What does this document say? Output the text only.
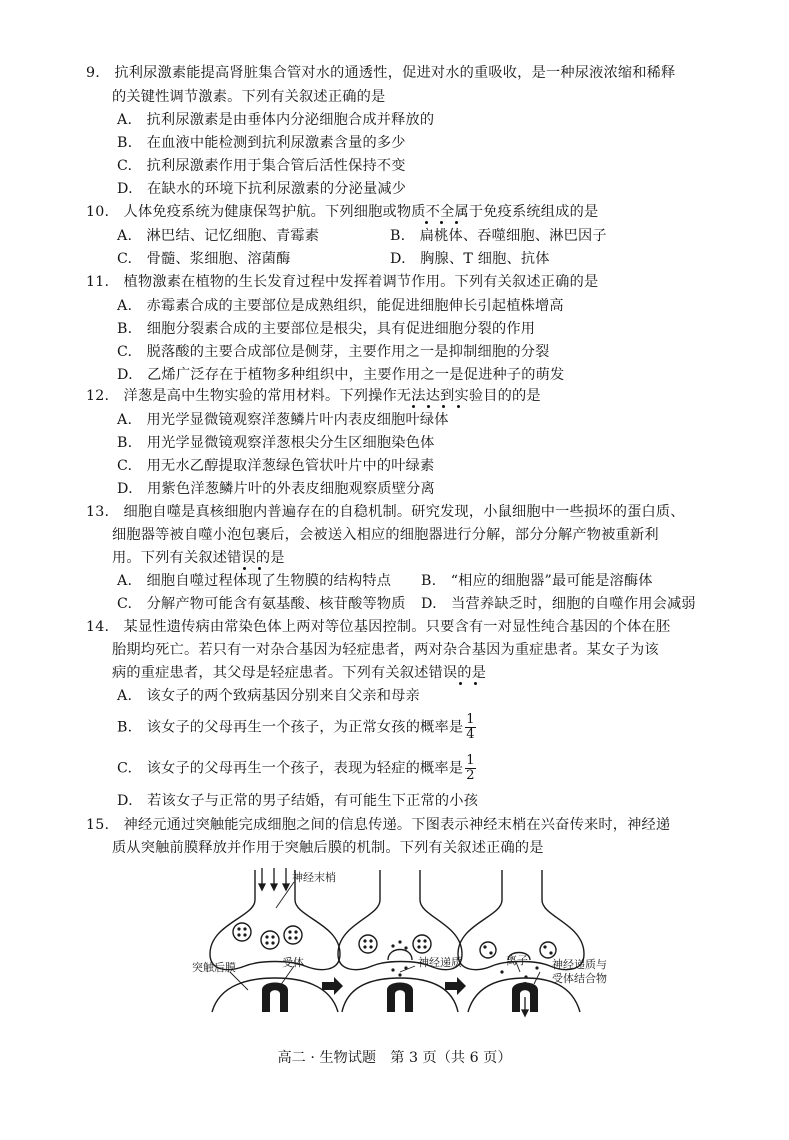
9.　抗利尿激素能提高肾脏集合管对水的通透性，促进对水的重吸收，是一种尿液浓缩和稀释
的关键性调节激素。下列有关叙述正确的是
A.　抗利尿激素是由垂体内分泌细胞合成并释放的
B.　在血液中能检测到抗利尿激素含量的多少
C.　抗利尿激素作用于集合管后活性保持不变
D.　在缺水的环境下抗利尿激素的分泌量减少
10.　人体免疫系统为健康保驾护航。下列细胞或物质不全属于免疫系统组成的是
A.　淋巴结、记忆细胞、青霉素	B.　扁桃体、吞噬细胞、淋巴因子
C.　骨髓、浆细胞、溶菌酶	D.　胸腺、T 细胞、抗体
11.　植物激素在植物的生长发育过程中发挥着调节作用。下列有关叙述正确的是
A.　赤霉素合成的主要部位是成熟组织，能促进细胞伸长引起植株增高
B.　细胞分裂素合成的主要部位是根尖，具有促进细胞分裂的作用
C.　脱落酸的主要合成部位是侧芽，主要作用之一是抑制细胞的分裂
D.　乙烯广泛存在于植物多种组织中，主要作用之一是促进种子的萌发
12.　洋葱是高中生物实验的常用材料。下列操作无法达到实验目的的是
A.　用光学显微镜观察洋葱鳞片叶内表皮细胞叶绿体
B.　用光学显微镜观察洋葱根尖分生区细胞染色体
C.　用无水乙醇提取洋葱绿色管状叶片中的叶绿素
D.　用紫色洋葱鳞片叶的外表皮细胞观察质壁分离
13.　细胞自噬是真核细胞内普遍存在的自稳机制。研究发现，小鼠细胞中一些损坏的蛋白质、
细胞器等被自噬小泡包裹后，会被送入相应的细胞器进行分解，部分分解产物被重新利
用。下列有关叙述错误的是
A.　细胞自噬过程体现了生物膜的结构特点 B.　“相应的细胞器”最可能是溶酶体
C.　分解产物可能含有氨基酸、核苷酸等物质 D.　当营养缺乏时，细胞的自噬作用会减弱
14.　某显性遗传病由常染色体上两对等位基因控制。只要含有一对显性纯合基因的个体在胚
胎期均死亡。若只有一对杂合基因为轻症患者，两对杂合基因为重症患者。某女子为该
病的重症患者，其父母是轻症患者。下列有关叙述错误的是
A.　该女子的两个致病基因分别来自父亲和母亲
B.　该女子的父母再生一个孩子，为正常女孩的概率是 $\frac{1}{4}$
C.　该女子的父母再生一个孩子，表现为轻症的概率是 $\frac{1}{2}$
D.　若该女子与正常的男子结婚，有可能生下正常的小孩
15.　神经元通过突触能完成细胞之间的信息传递。下图表示神经末梢在兴奋传来时，神经递
质从突触前膜释放并作用于突触后膜的机制。下列有关叙述正确的是
神经末梢
突触后膜	受体	神经递质	离子 神经递质与
受体结合物
高二 · 生物试题　第 3 页（共 6 页）
